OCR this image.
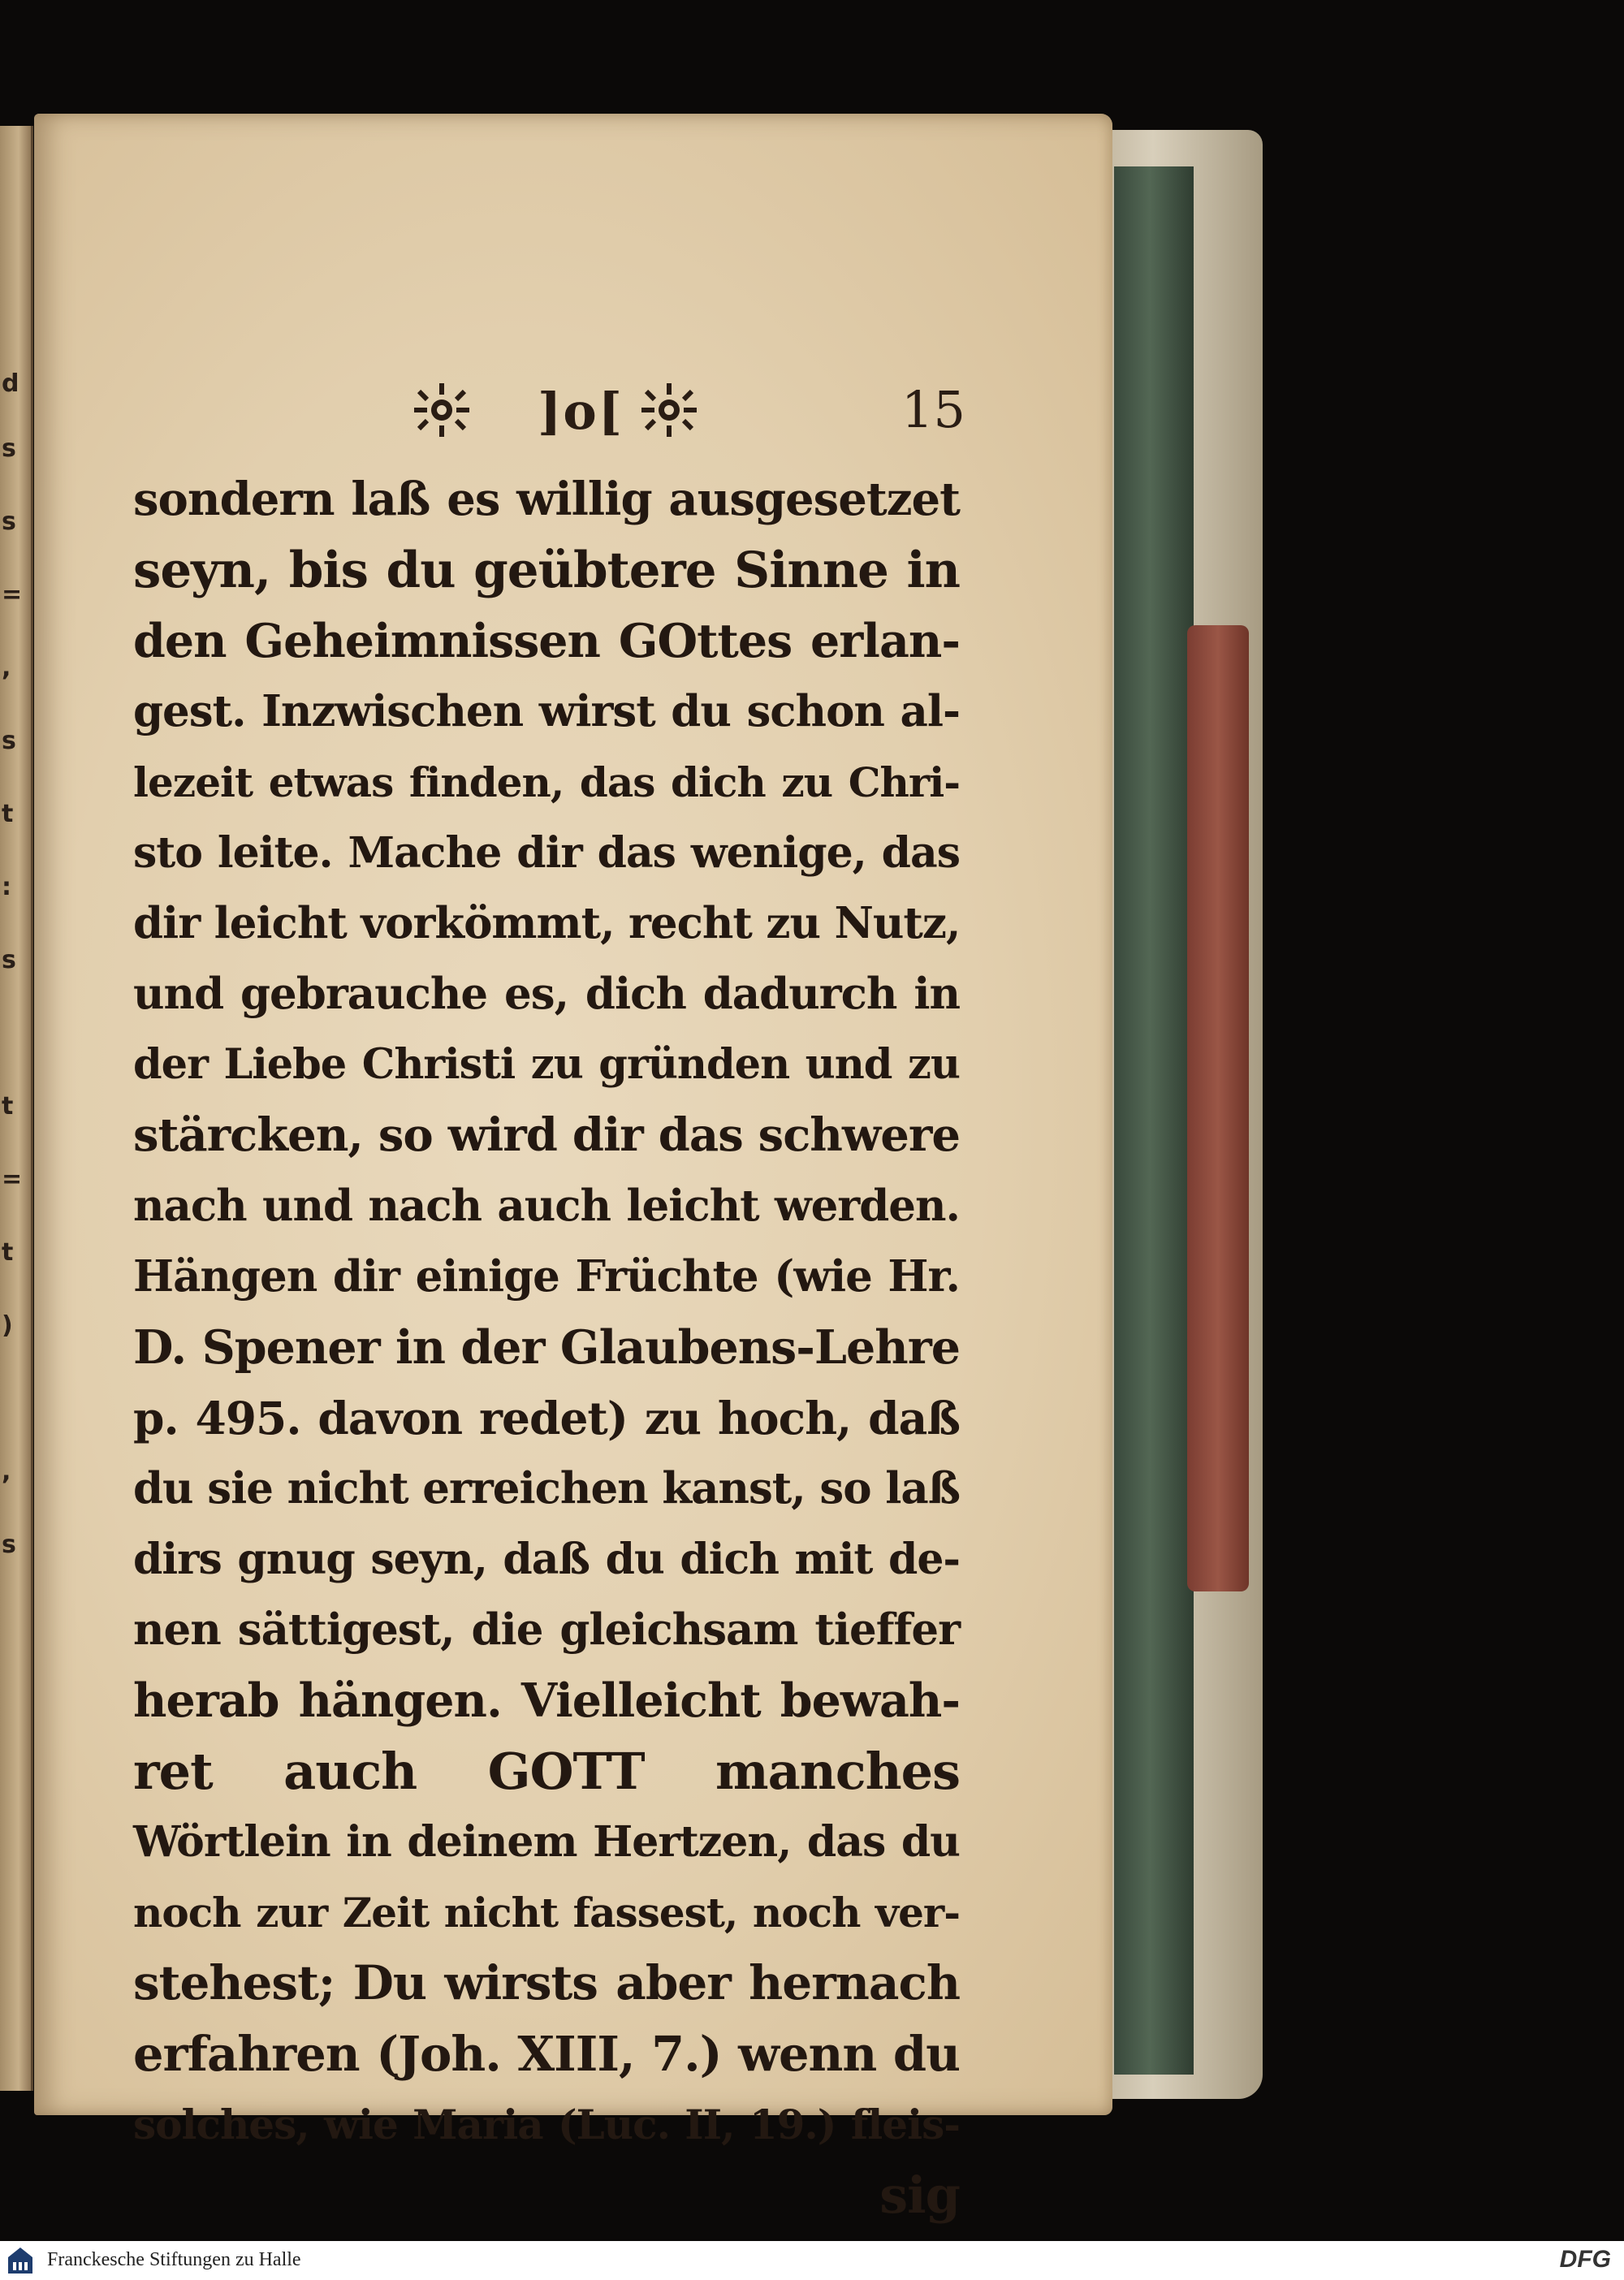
d
s
s
=
,
s
t
:
s
t
=
t
)
,
s
]o[	15
sondern laß es willig ausgesetzet
seyn, bis du geübtere Sinne in
den Geheimnissen GOttes erlan-
gest. Inzwischen wirst du schon al-
lezeit etwas finden, das dich zu Chri-
sto leite. Mache dir das wenige, das
dir leicht vorkömmt, recht zu Nutz,
und gebrauche es, dich dadurch in
der Liebe Christi zu gründen und zu
stärcken, so wird dir das schwere
nach und nach auch leicht werden.
Hängen dir einige Früchte (wie Hr.
D. Spener in der Glaubens-Lehre
p. 495. davon redet) zu hoch, daß
du sie nicht erreichen kanst, so laß
dirs gnug seyn, daß du dich mit de-
nen sättigest, die gleichsam tieffer
herab hängen. Vielleicht bewah-
ret auch GOTT manches
Wörtlein in deinem Hertzen, das du
noch zur Zeit nicht fassest, noch ver-
stehest; Du wirsts aber hernach
erfahren (Joh. XIII, 7.) wenn du
solches, wie Maria (Luc. II, 19.) fleis-
sig
Franckesche Stiftungen zu Halle	DFG
